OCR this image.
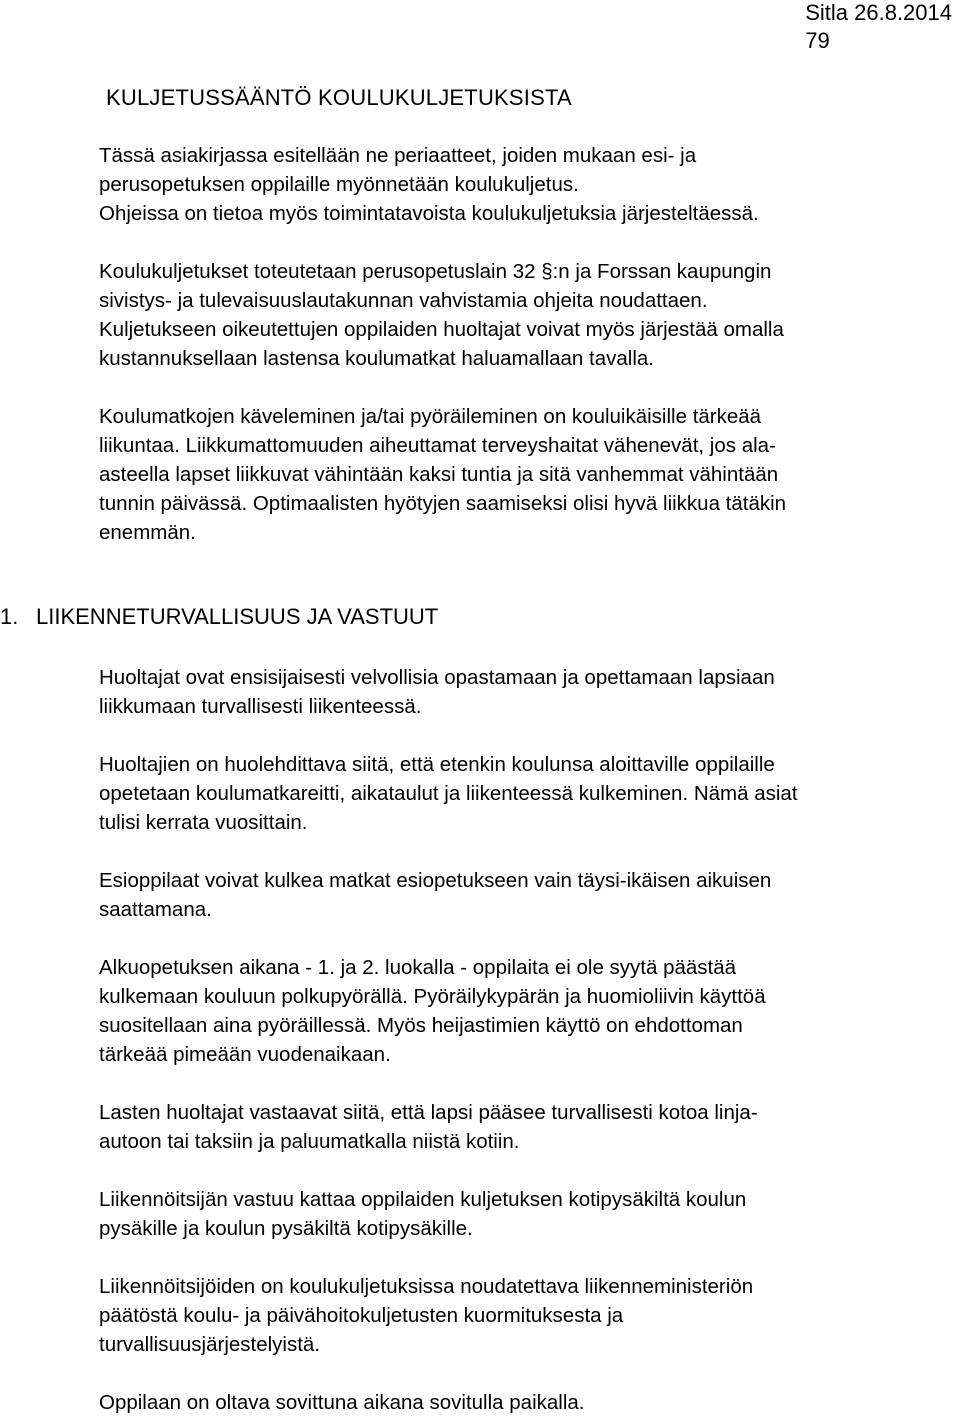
Sitla 26.8.2014
79
KULJETUSSÄÄNTÖ KOULUKULJETUKSISTA

Tässä asiakirjassa esitellään ne periaatteet, joiden mukaan esi- ja

perusopetuksen oppilaille myönnetään koulukuljetus.

Ohjeissa on tietoa myös toimintatavoista koulukuljetuksia järjesteltäessä.

Koulukuljetukset toteutetaan perusopetuslain 32 §:n ja Forssan kaupungin

sivistys- ja tulevaisuuslautakunnan vahvistamia ohjeita noudattaen.

Kuljetukseen oikeutettujen oppilaiden huoltajat voivat myös järjestää omalla

kustannuksellaan lastensa koulumatkat haluamallaan tavalla.

Koulumatkojen käveleminen ja/tai pyöräileminen on kouluikäisille tärkeää

liikuntaa. Liikkumattomuuden aiheuttamat terveyshaitat vähenevät, jos ala-

asteella lapset liikkuvat vähintään kaksi tuntia ja sitä vanhemmat vähintään

tunnin päivässä. Optimaalisten hyötyjen saamiseksi olisi hyvä liikkua tätäkin

enemmän.

1. LIIKENNETURVALLISUUS JA VASTUUT

Huoltajat ovat ensisijaisesti velvollisia opastamaan ja opettamaan lapsiaan

liikkumaan turvallisesti liikenteessä.

Huoltajien on huolehdittava siitä, että etenkin koulunsa aloittaville oppilaille

opetetaan koulumatkareitti, aikataulut ja liikenteessä kulkeminen. Nämä asiat

tulisi kerrata vuosittain.

Esioppilaat voivat kulkea matkat esiopetukseen vain täysi-ikäisen aikuisen

saattamana.

Alkuopetuksen aikana - 1. ja 2. luokalla - oppilaita ei ole syytä päästää

kulkemaan kouluun polkupyörällä. Pyöräilykypärän ja huomioliivin käyttöä

suositellaan aina pyöräillessä. Myös heijastimien käyttö on ehdottoman

tärkeää pimeään vuodenaikaan.

Lasten huoltajat vastaavat siitä, että lapsi pääsee turvallisesti kotoa linja-

autoon tai taksiin ja paluumatkalla niistä kotiin.

Liikennöitsijän vastuu kattaa oppilaiden kuljetuksen kotipysäkiltä koulun

pysäkille ja koulun pysäkiltä kotipysäkille.

Liikennöitsijöiden on koulukuljetuksissa noudatettava liikenneministeriön

päätöstä koulu- ja päivähoitokuljetusten kuormituksesta ja

turvallisuusjärjestelyistä.

Oppilaan on oltava sovittuna aikana sovitulla paikalla.
